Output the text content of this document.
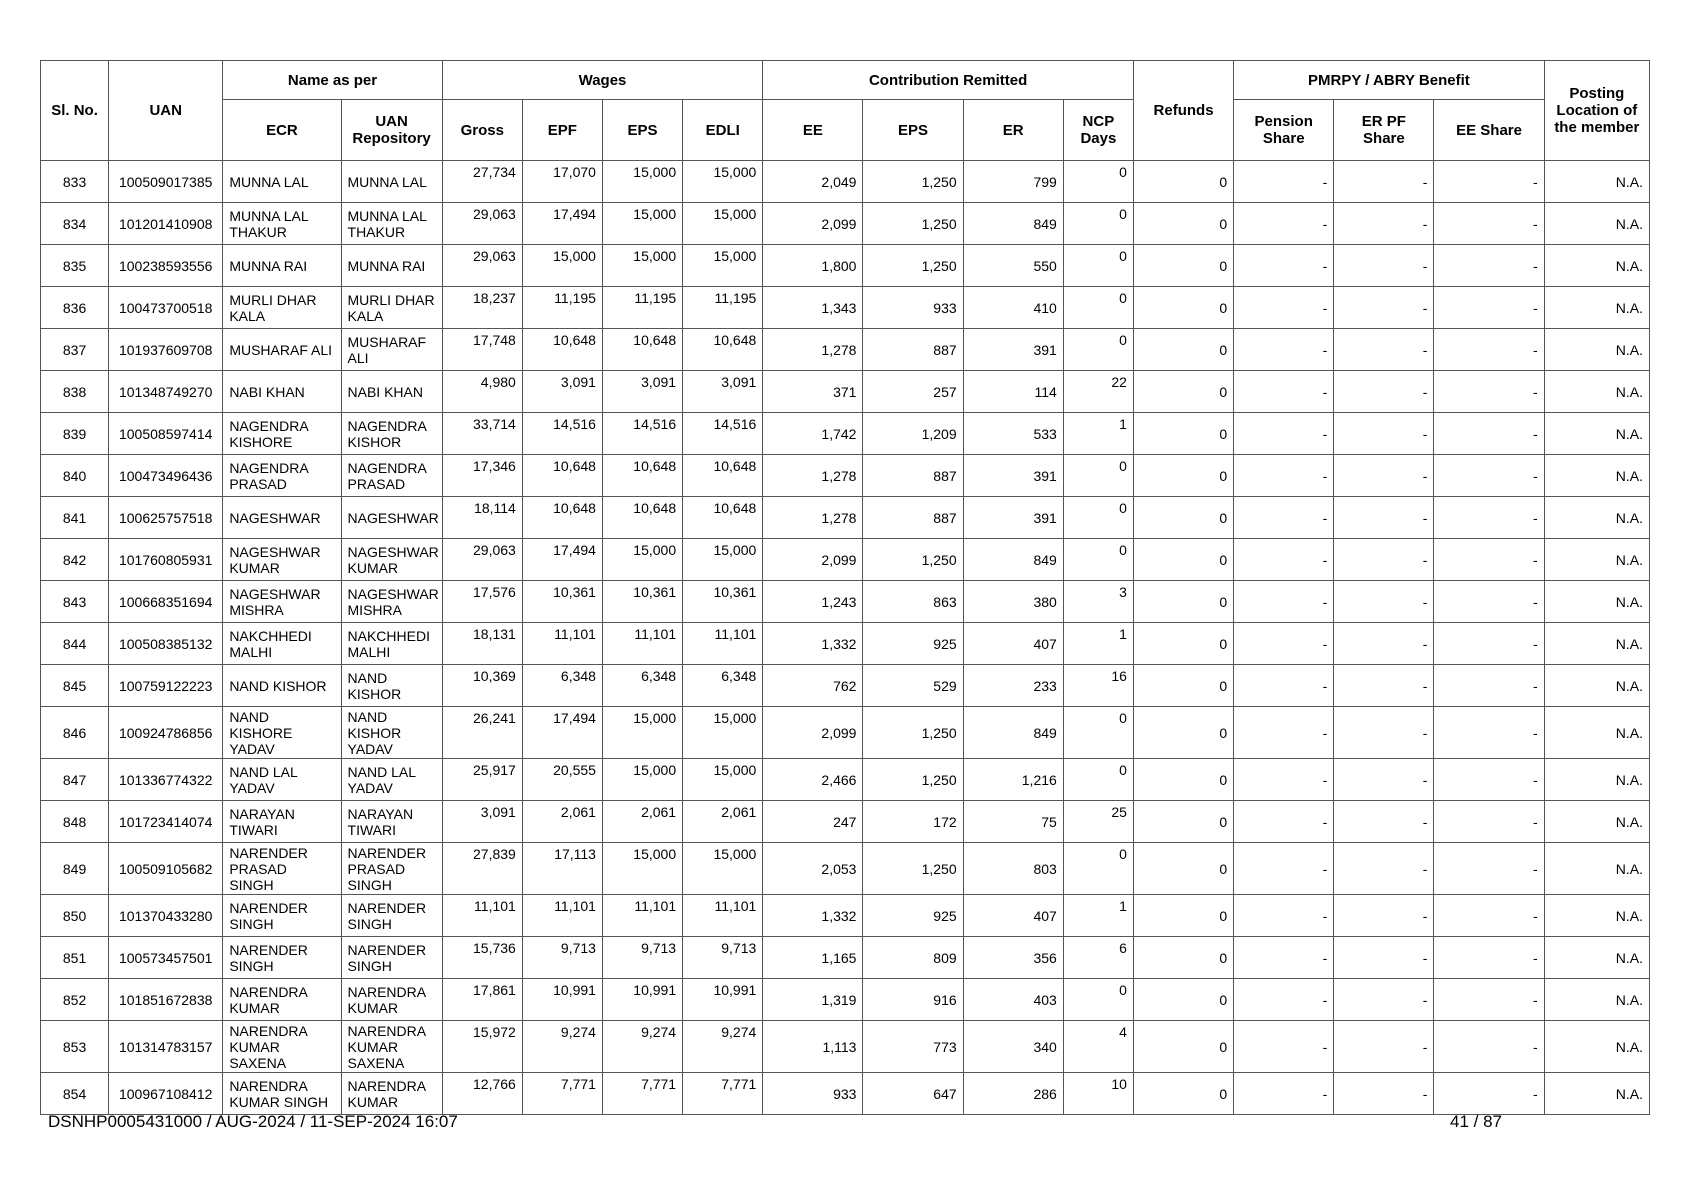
Sl. No.	UAN	Name as per		Wages				Contribution Remitted				Refunds	PMRPY / ABRY Benefit			Posting Location of the member
		ECR	UAN Repository	Gross	EPF	EPS	EDLI	EE	EPS	ER	NCP Days		Pension Share	ER PF Share	EE Share	
833	100509017385	MUNNA LAL	MUNNA LAL	27,734	17,070	15,000	15,000	2,049	1,250	799	0	0	-	-	-	N.A.
834	101201410908	MUNNA LAL THAKUR	MUNNA LAL THAKUR	29,063	17,494	15,000	15,000	2,099	1,250	849	0	0	-	-	-	N.A.
835	100238593556	MUNNA RAI	MUNNA RAI	29,063	15,000	15,000	15,000	1,800	1,250	550	0	0	-	-	-	N.A.
836	100473700518	MURLI DHAR KALA	MURLI DHAR KALA	18,237	11,195	11,195	11,195	1,343	933	410	0	0	-	-	-	N.A.
837	101937609708	MUSHARAF ALI	MUSHARAF ALI	17,748	10,648	10,648	10,648	1,278	887	391	0	0	-	-	-	N.A.
838	101348749270	NABI KHAN	NABI KHAN	4,980	3,091	3,091	3,091	371	257	114	22	0	-	-	-	N.A.
839	100508597414	NAGENDRA KISHORE	NAGENDRA KISHOR	33,714	14,516	14,516	14,516	1,742	1,209	533	1	0	-	-	-	N.A.
840	100473496436	NAGENDRA PRASAD	NAGENDRA PRASAD	17,346	10,648	10,648	10,648	1,278	887	391	0	0	-	-	-	N.A.
841	100625757518	NAGESHWAR	NAGESHWAR	18,114	10,648	10,648	10,648	1,278	887	391	0	0	-	-	-	N.A.
842	101760805931	NAGESHWAR KUMAR	NAGESHWAR KUMAR	29,063	17,494	15,000	15,000	2,099	1,250	849	0	0	-	-	-	N.A.
843	100668351694	NAGESHWAR MISHRA	NAGESHWAR MISHRA	17,576	10,361	10,361	10,361	1,243	863	380	3	0	-	-	-	N.A.
844	100508385132	NAKCHHEDI MALHI	NAKCHHEDI MALHI	18,131	11,101	11,101	11,101	1,332	925	407	1	0	-	-	-	N.A.
845	100759122223	NAND KISHOR	NAND KISHOR	10,369	6,348	6,348	6,348	762	529	233	16	0	-	-	-	N.A.
846	100924786856	NAND KISHORE YADAV	NAND KISHOR YADAV	26,241	17,494	15,000	15,000	2,099	1,250	849	0	0	-	-	-	N.A.
847	101336774322	NAND LAL YADAV	NAND LAL YADAV	25,917	20,555	15,000	15,000	2,466	1,250	1,216	0	0	-	-	-	N.A.
848	101723414074	NARAYAN TIWARI	NARAYAN TIWARI	3,091	2,061	2,061	2,061	247	172	75	25	0	-	-	-	N.A.
849	100509105682	NARENDER PRASAD SINGH	NARENDER PRASAD SINGH	27,839	17,113	15,000	15,000	2,053	1,250	803	0	0	-	-	-	N.A.
850	101370433280	NARENDER SINGH	NARENDER SINGH	11,101	11,101	11,101	11,101	1,332	925	407	1	0	-	-	-	N.A.
851	100573457501	NARENDER SINGH	NARENDER SINGH	15,736	9,713	9,713	9,713	1,165	809	356	6	0	-	-	-	N.A.
852	101851672838	NARENDRA KUMAR	NARENDRA KUMAR	17,861	10,991	10,991	10,991	1,319	916	403	0	0	-	-	-	N.A.
853	101314783157	NARENDRA KUMAR SAXENA	NARENDRA KUMAR SAXENA	15,972	9,274	9,274	9,274	1,113	773	340	4	0	-	-	-	N.A.
854	100967108412	NARENDRA KUMAR SINGH	NARENDRA KUMAR	12,766	7,771	7,771	7,771	933	647	286	10	0	-	-	-	N.A.
DSNHP0005431000 / AUG-2024 / 11-SEP-2024 16:07	41 / 87
